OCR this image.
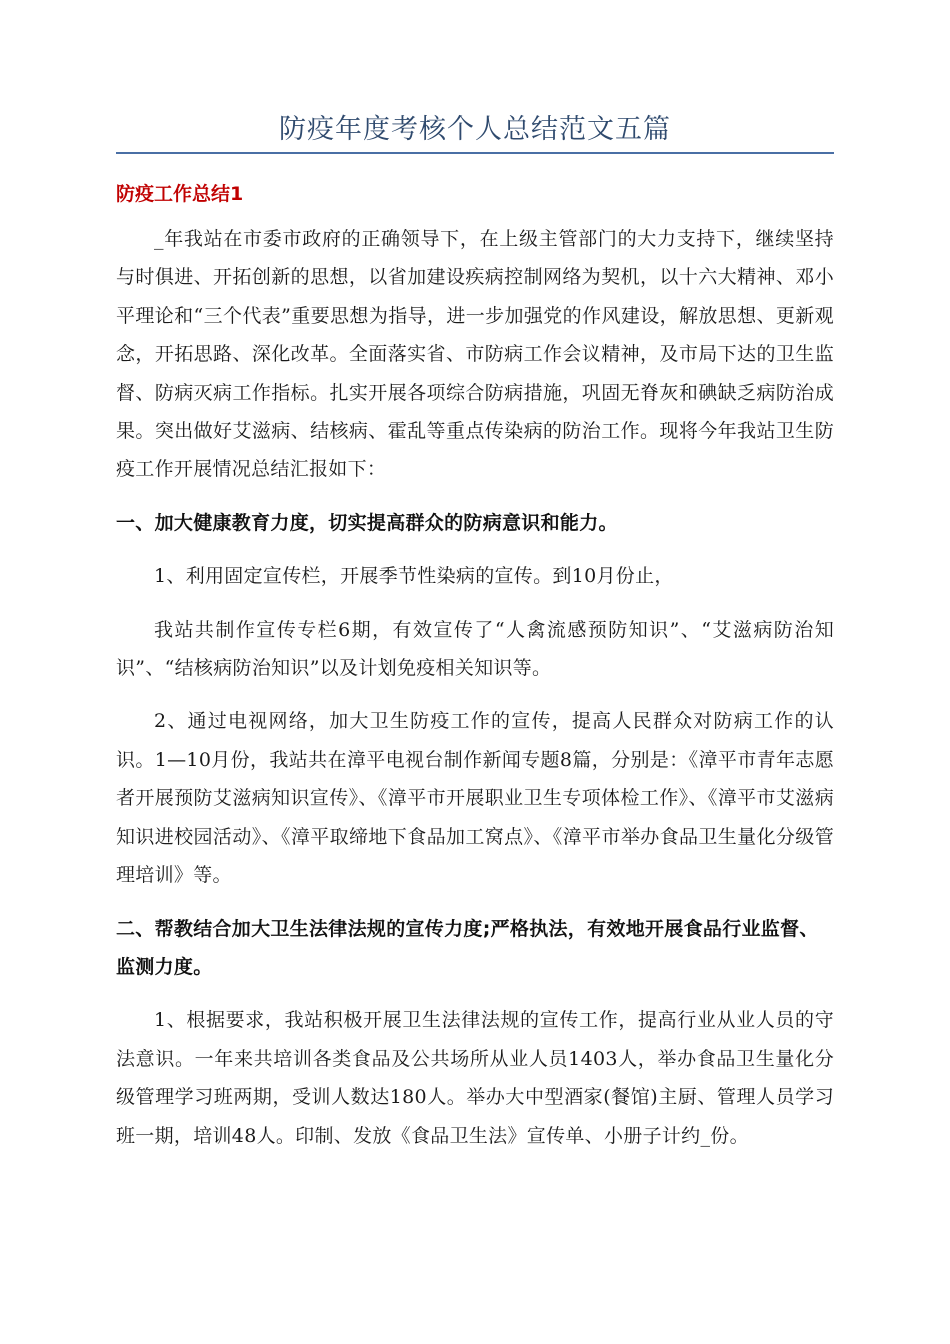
防疫年度考核个人总结范文五篇

防疫工作总结1

_年我站在市委市政府的正确领导下，在上级主管部门的大力支持下，继续坚持与时俱进、开拓创新的思想，以省加建设疾病控制网络为契机，以十六大精神、邓小平理论和“三个代表”重要思想为指导，进一步加强党的作风建设，解放思想、更新观念，开拓思路、深化改革。全面落实省、市防病工作会议精神，及市局下达的卫生监督、防病灭病工作指标。扎实开展各项综合防病措施，巩固无脊灰和碘缺乏病防治成果。突出做好艾滋病、结核病、霍乱等重点传染病的防治工作。现将今年我站卫生防疫工作开展情况总结汇报如下：

一、加大健康教育力度，切实提高群众的防病意识和能力。

1、利用固定宣传栏，开展季节性染病的宣传。到10月份止，

我站共制作宣传专栏6期，有效宣传了“人禽流感预防知识”、“艾滋病防治知识”、“结核病防治知识”以及计划免疫相关知识等。

2、通过电视网络，加大卫生防疫工作的宣传，提高人民群众对防病工作的认识。1—10月份，我站共在漳平电视台制作新闻专题8篇，分别是：《漳平市青年志愿者开展预防艾滋病知识宣传》、《漳平市开展职业卫生专项体检工作》、《漳平市艾滋病知识进校园活动》、《漳平取缔地下食品加工窝点》、《漳平市举办食品卫生量化分级管理培训》等。

二、帮教结合加大卫生法律法规的宣传力度;严格执法，有效地开展食品行业监督、监测力度。

1、根据要求，我站积极开展卫生法律法规的宣传工作，提高行业从业人员的守法意识。一年来共培训各类食品及公共场所从业人员1403人，举办食品卫生量化分级管理学习班两期，受训人数达180人。举办大中型酒家(餐馆)主厨、管理人员学习班一期，培训48人。印制、发放《食品卫生法》宣传单、小册子计约_份。
